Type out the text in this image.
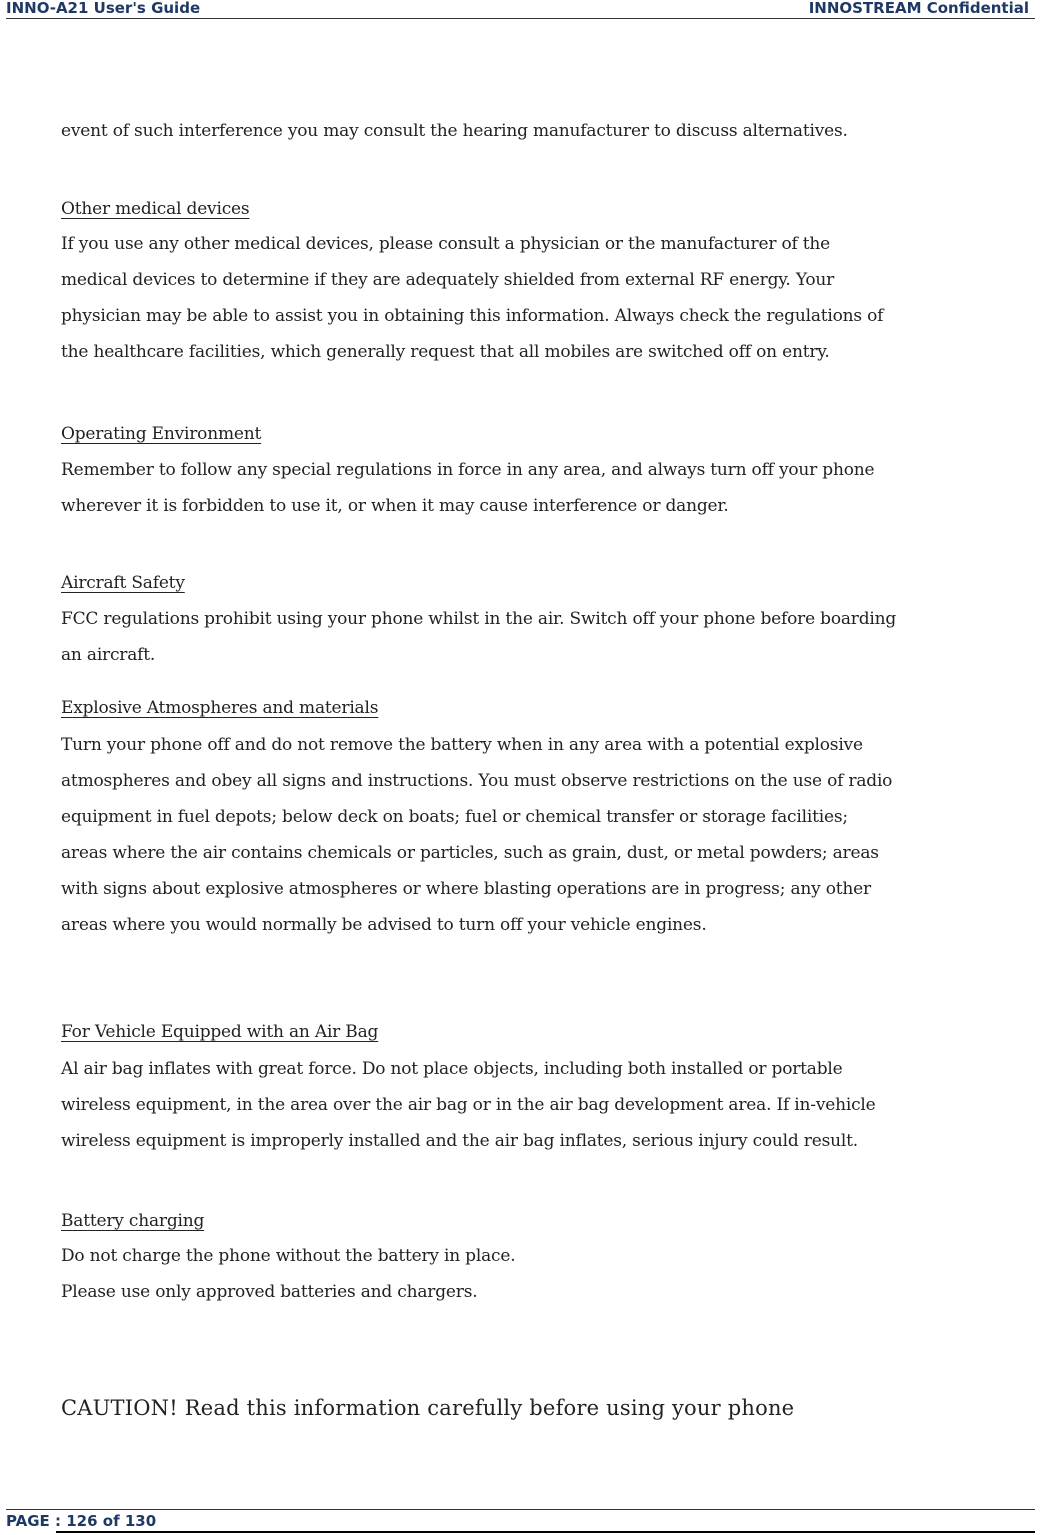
INNO-A21 User's Guide	INNOSTREAM Confidential

event of such interference you may consult the hearing manufacturer to discuss alternatives.

Other medical devices

If you use any other medical devices, please consult a physician or the manufacturer of the
medical devices to determine if they are adequately shielded from external RF energy. Your
physician may be able to assist you in obtaining this information. Always check the regulations of
the healthcare facilities, which generally request that all mobiles are switched off on entry.

Operating Environment

Remember to follow any special regulations in force in any area, and always turn off your phone
wherever it is forbidden to use it, or when it may cause interference or danger.

Aircraft Safety

FCC regulations prohibit using your phone whilst in the air. Switch off your phone before boarding
an aircraft.

Explosive Atmospheres and materials

Turn your phone off and do not remove the battery when in any area with a potential explosive
atmospheres and obey all signs and instructions. You must observe restrictions on the use of radio
equipment in fuel depots; below deck on boats; fuel or chemical transfer or storage facilities;
areas where the air contains chemicals or particles, such as grain, dust, or metal powders; areas
with signs about explosive atmospheres or where blasting operations are in progress; any other
areas where you would normally be advised to turn off your vehicle engines.

For Vehicle Equipped with an Air Bag

Al air bag inflates with great force. Do not place objects, including both installed or portable
wireless equipment, in the area over the air bag or in the air bag development area. If in-vehicle
wireless equipment is improperly installed and the air bag inflates, serious injury could result.

Battery charging

Do not charge the phone without the battery in place.
Please use only approved batteries and chargers.

CAUTION! Read this information carefully before using your phone
PAGE : 126 of 130
